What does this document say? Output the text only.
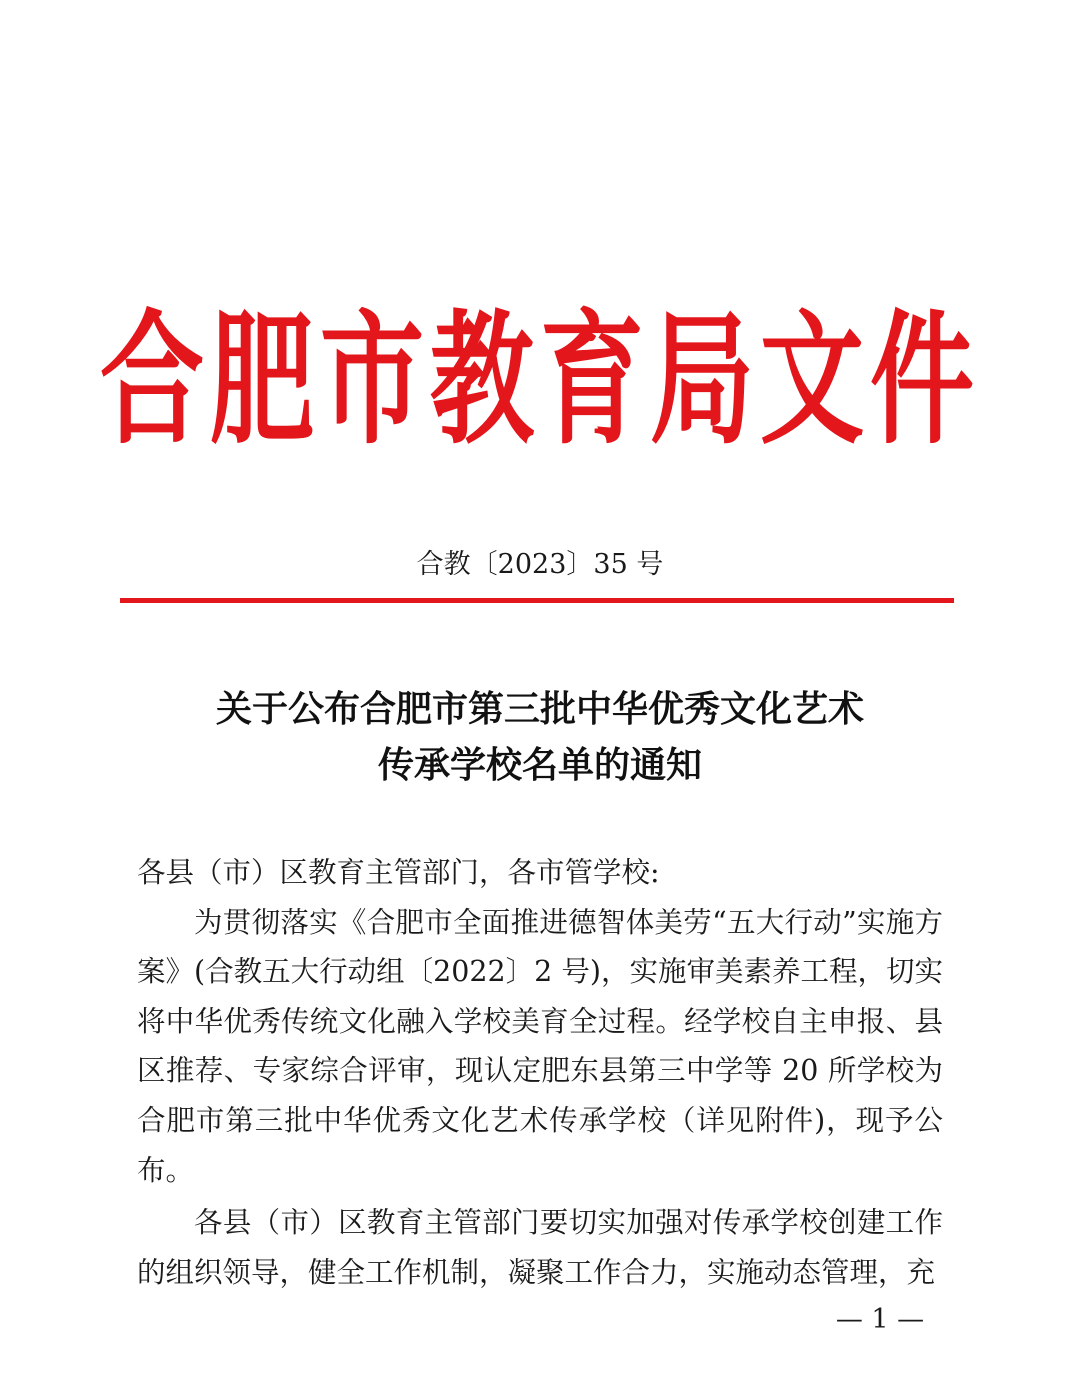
合肥市教育局文件
合教〔2023〕35 号
关于公布合肥市第三批中华优秀文化艺术
传承学校名单的通知

各县（市）区教育主管部门，各市管学校:

为贯彻落实《合肥市全面推进德智体美劳“五大行动”实施方案》(合教五大行动组〔2022〕2 号)，实施审美素养工程，切实将中华优秀传统文化融入学校美育全过程。经学校自主申报、县区推荐、专家综合评审，现认定肥东县第三中学等 20 所学校为合肥市第三批中华优秀文化艺术传承学校（详见附件)，现予公布。

各县（市）区教育主管部门要切实加强对传承学校创建工作的组织领导，健全工作机制，凝聚工作合力，实施动态管理，充

— 1 —
